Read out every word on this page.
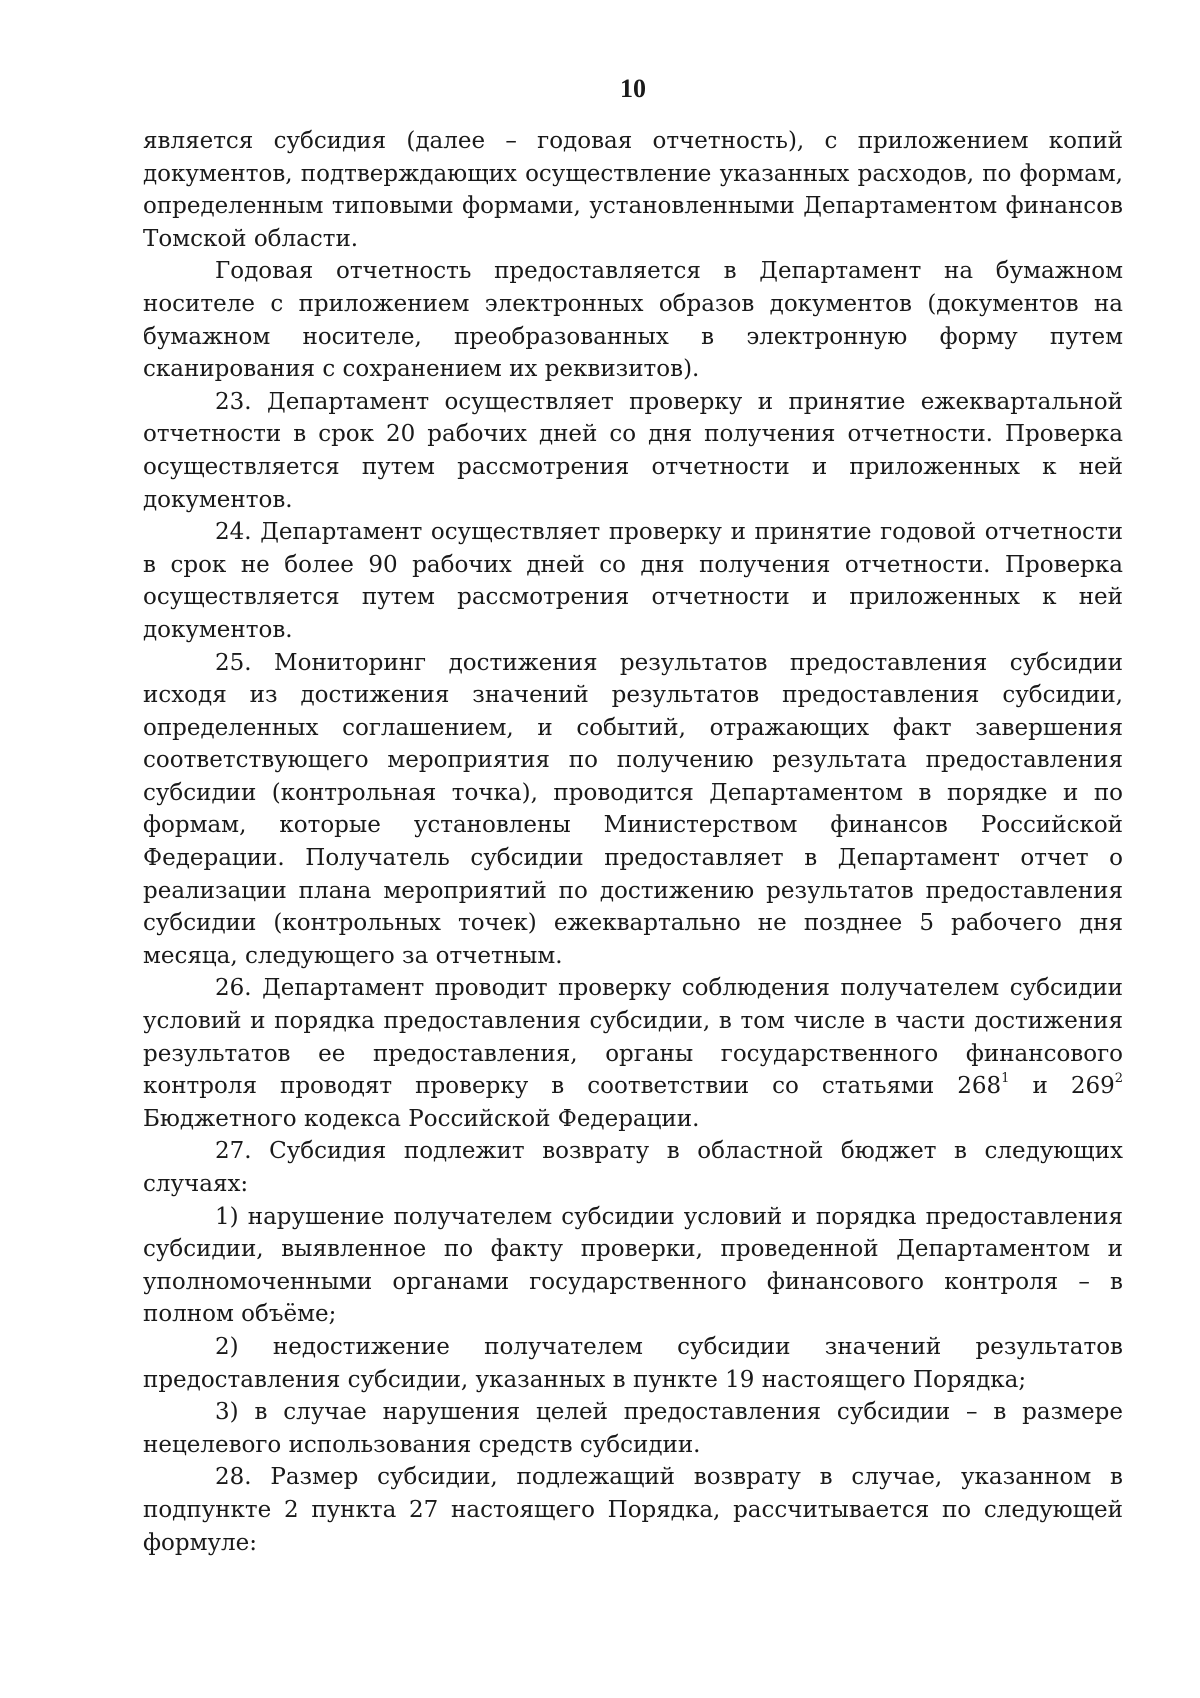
10

является субсидия (далее – годовая отчетность), с приложением копий документов, подтверждающих осуществление указанных расходов, по формам, определенным типовыми формами, установленными Департаментом финансов Томской области.

Годовая отчетность предоставляется в Департамент на бумажном носителе с приложением электронных образов документов (документов на бумажном носителе, преобразованных в электронную форму путем сканирования с сохранением их реквизитов).

23. Департамент осуществляет проверку и принятие ежеквартальной отчетности в срок 20 рабочих дней со дня получения отчетности. Проверка осуществляется путем рассмотрения отчетности и приложенных к ней документов.

24. Департамент осуществляет проверку и принятие годовой отчетности в срок не более 90 рабочих дней со дня получения отчетности. Проверка осуществляется путем рассмотрения отчетности и приложенных к ней документов.

25. Мониторинг достижения результатов предоставления субсидии исходя из достижения значений результатов предоставления субсидии, определенных соглашением, и событий, отражающих факт завершения соответствующего мероприятия по получению результата предоставления субсидии (контрольная точка), проводится Департаментом в порядке и по формам, которые установлены Министерством финансов Российской Федерации. Получатель субсидии предоставляет в Департамент отчет о реализации плана мероприятий по достижению результатов предоставления субсидии (контрольных точек) ежеквартально не позднее 5 рабочего дня месяца, следующего за отчетным.

26. Департамент проводит проверку соблюдения получателем субсидии условий и порядка предоставления субсидии, в том числе в части достижения результатов ее предоставления, органы государственного финансового контроля проводят проверку в соответствии со статьями $268^1$ и $269^2$ Бюджетного кодекса Российской Федерации.

27. Субсидия подлежит возврату в областной бюджет в следующих случаях:

1) нарушение получателем субсидии условий и порядка предоставления субсидии, выявленное по факту проверки, проведенной Департаментом и уполномоченными органами государственного финансового контроля – в полном объёме;

2) недостижение получателем субсидии значений результатов предоставления субсидии, указанных в пункте 19 настоящего Порядка;

3) в случае нарушения целей предоставления субсидии – в размере нецелевого использования средств субсидии.

28. Размер субсидии, подлежащий возврату в случае, указанном в подпункте 2 пункта 27 настоящего Порядка, рассчитывается по следующей формуле:
